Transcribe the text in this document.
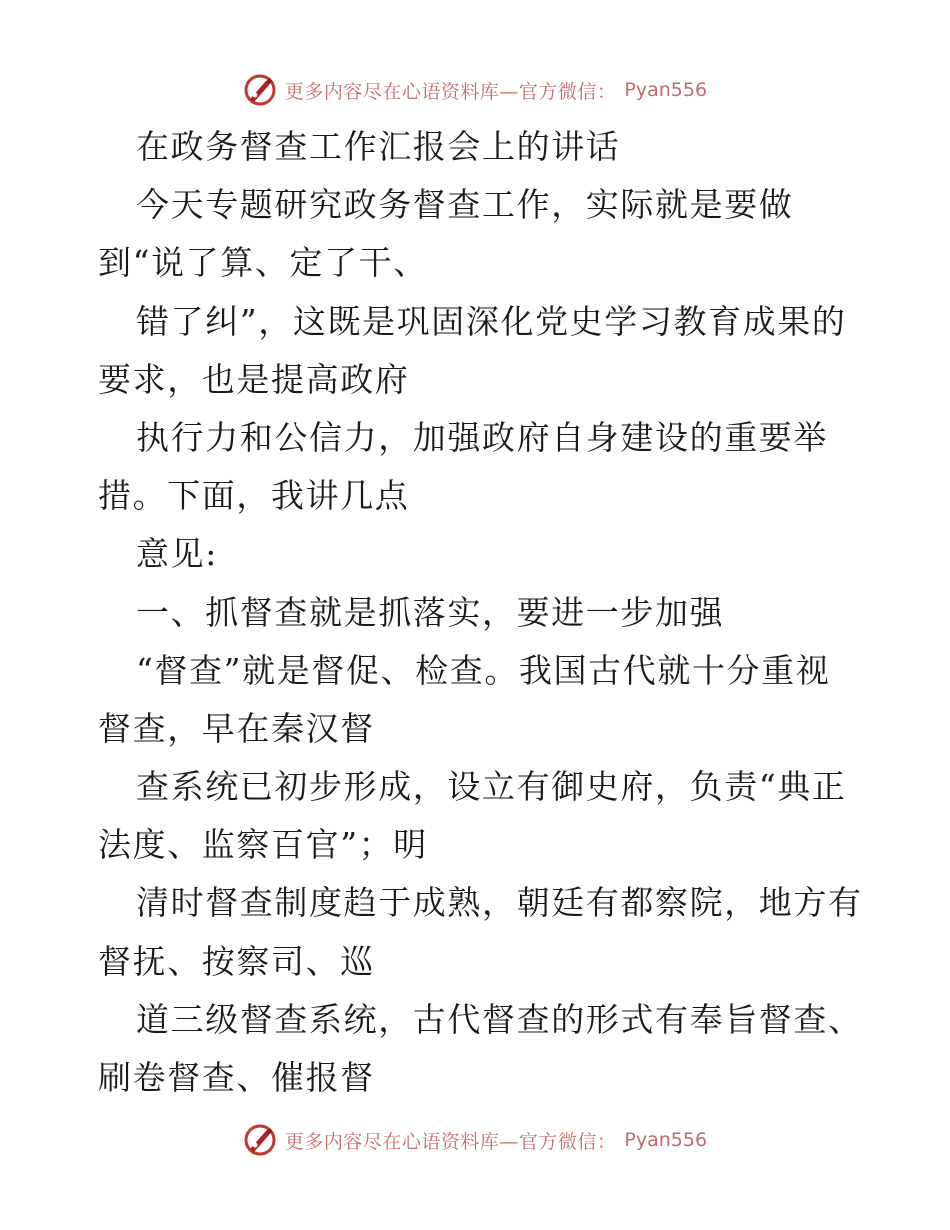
更多内容尽在心语资料库—官方微信： Pyan556
在政务督查工作汇报会上的讲话
今天专题研究政务督查工作，实际就是要做
到“说了算、定了干、
错了纠”，这既是巩固深化党史学习教育成果的
要求，也是提高政府
执行力和公信力，加强政府自身建设的重要举
措。下面，我讲几点
意见:
一、抓督查就是抓落实，要进一步加强
“督查”就是督促、检查。我国古代就十分重视
督查，早在秦汉督
查系统已初步形成，设立有御史府，负责“典正
法度、监察百官”；明
清时督查制度趋于成熟，朝廷有都察院，地方有
督抚、按察司、巡
道三级督查系统，古代督查的形式有奉旨督查、
刷卷督查、催报督
更多内容尽在心语资料库—官方微信： Pyan556
